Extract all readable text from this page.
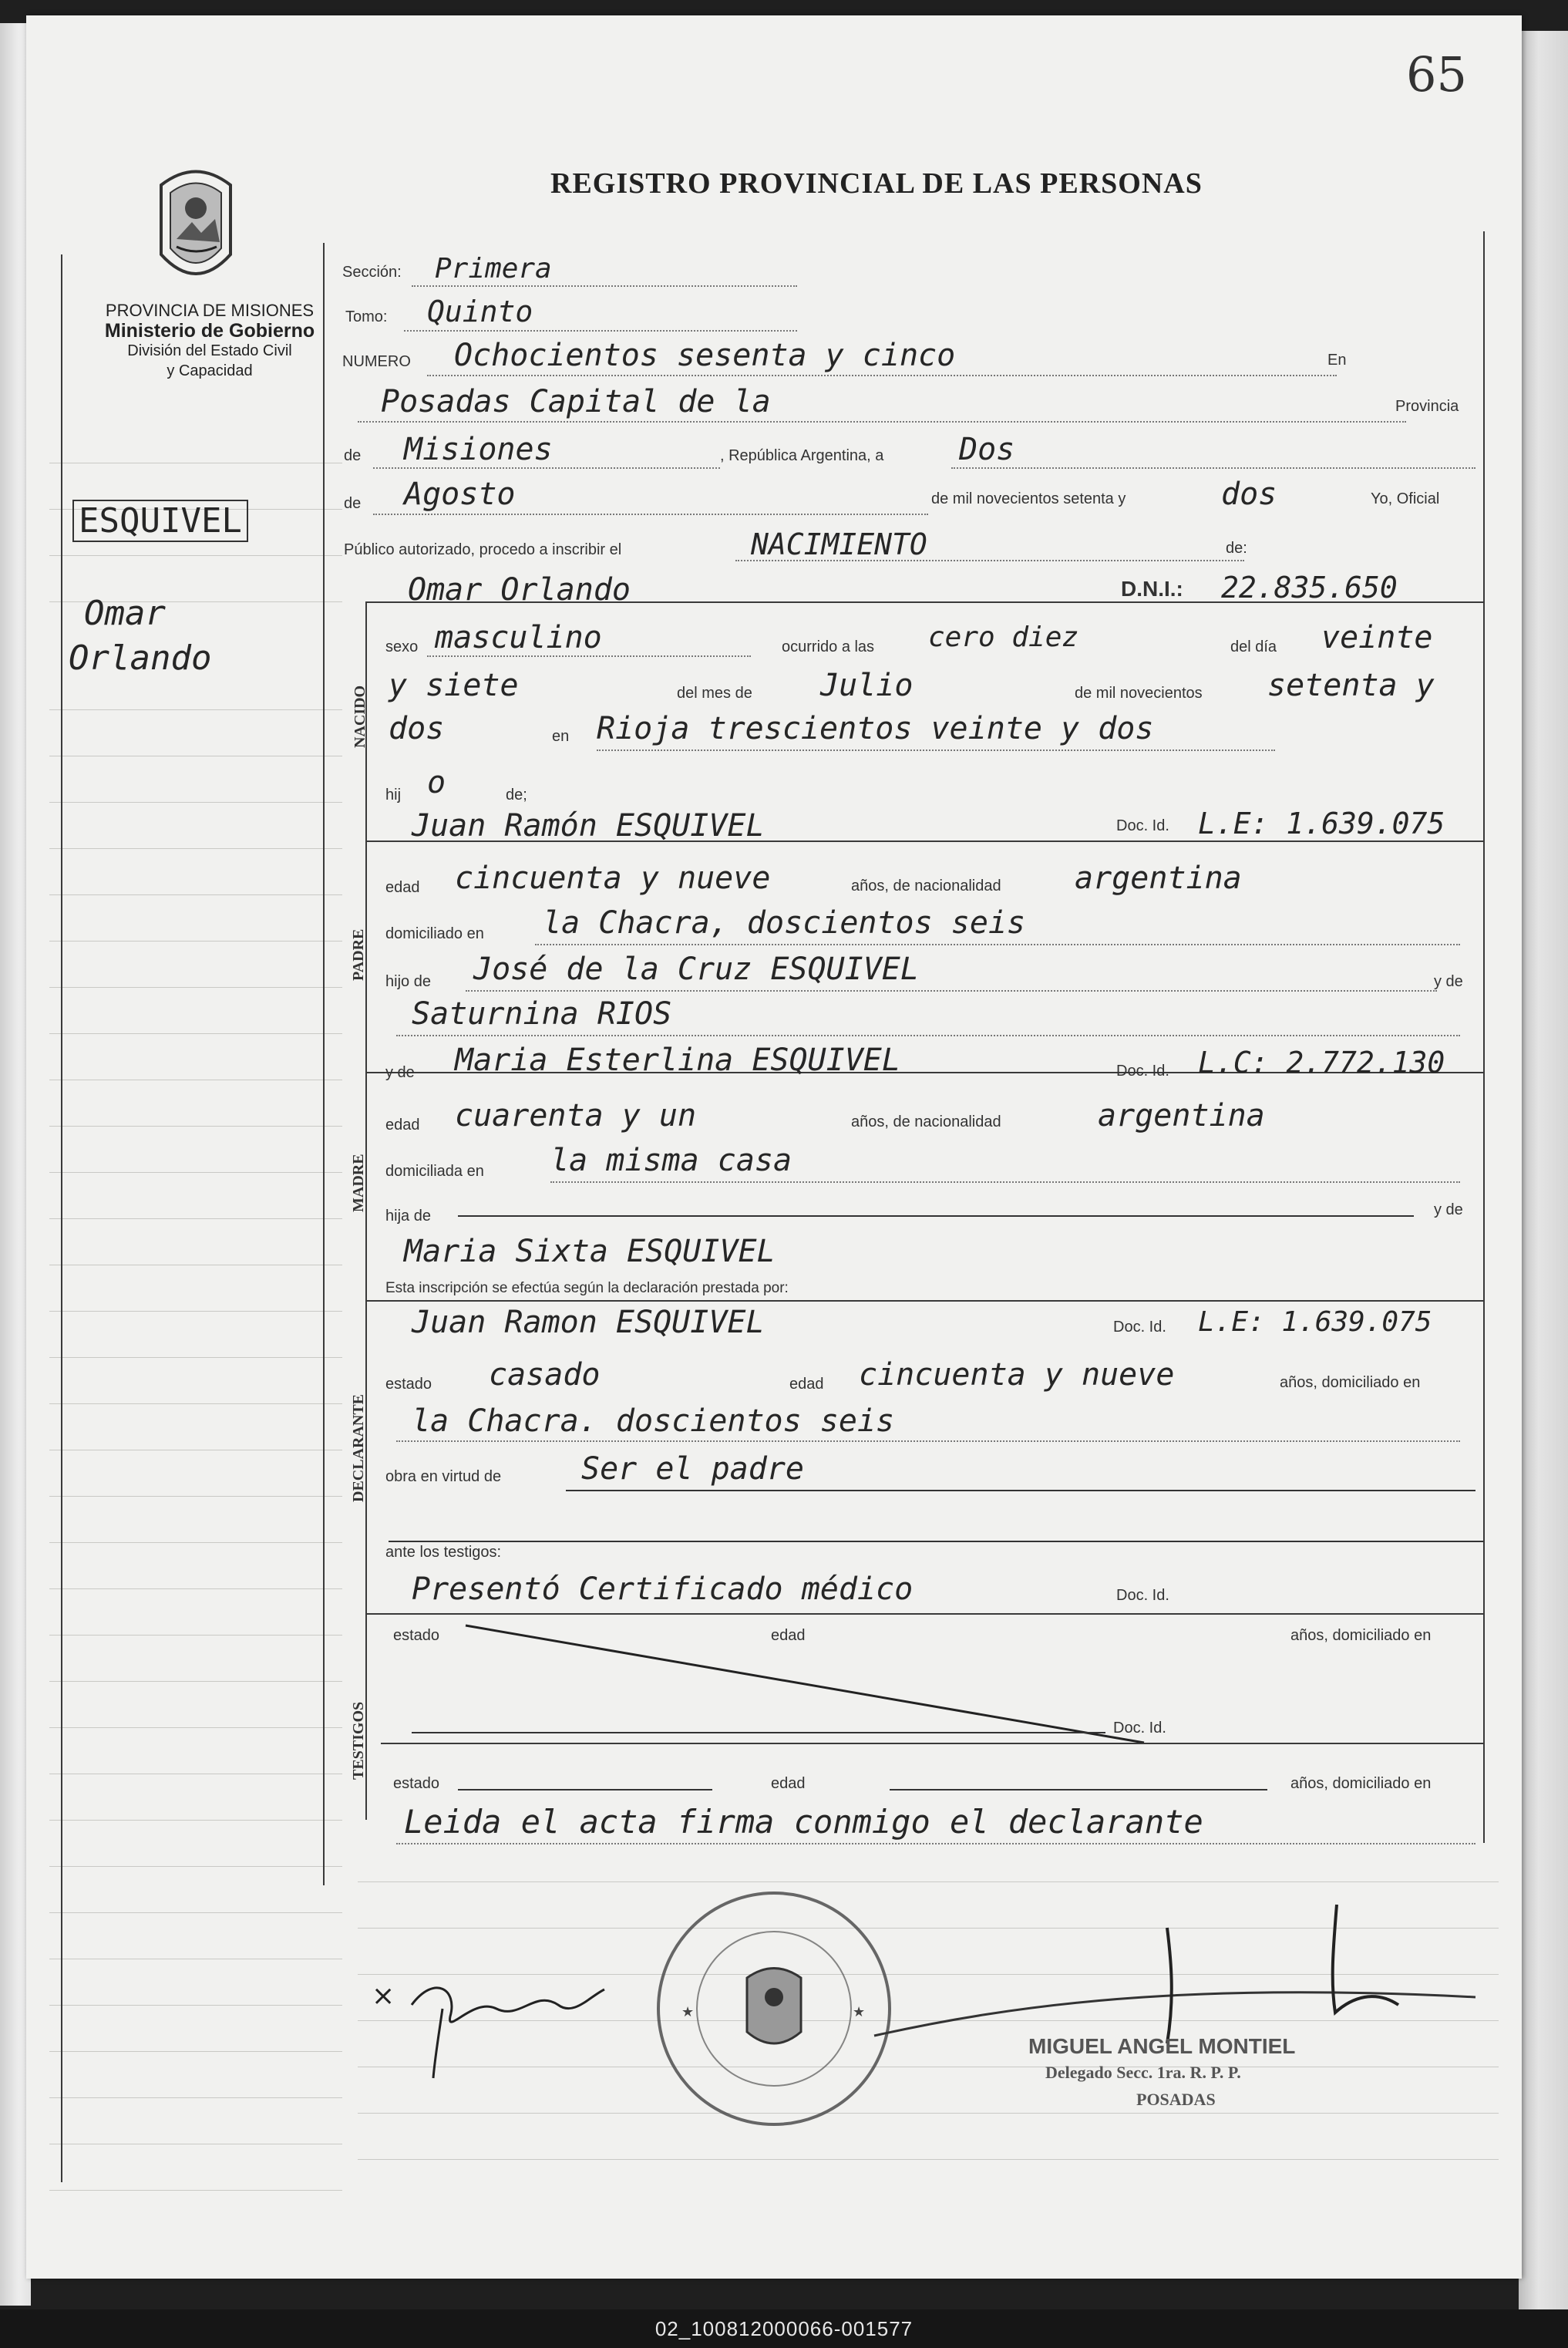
65
REGISTRO PROVINCIAL DE LAS PERSONAS
PROVINCIA DE MISIONES
Ministerio de Gobierno
División del Estado Civil
y Capacidad
ESQUIVEL
Omar
Orlando
Sección: Primera
Tomo: Quinto
NUMERO Ochocientos sesenta y cinco	En
Posadas Capital de la	Provincia
de Misiones	, República Argentina, a Dos
de Agosto	de mil novecientos setenta y	dos	Yo, Oficial
Público autorizado, procedo a inscribir el	NACIMIENTO	de:
NACIDO
Omar Orlando	D.N.I.: 22.835.650
sexo masculino	ocurrido a las cero diez	del día veinte
y siete	del mes de Julio	de mil novecientos setenta y
dos	en Rioja trescientos veinte y dos
hij o	de;
PADRE
Juan Ramón ESQUIVEL	Doc. Id. L.E: 1.639.075
edad cincuenta y nueve	años, de nacionalidad argentina
domiciliado en la Chacra, doscientos seis
hijo de José de la Cruz ESQUIVEL	y de
Saturnina RIOS
MADRE
y de Maria Esterlina ESQUIVEL	Doc. Id. L.C: 2.772.130
edad cuarenta y un	años, de nacionalidad	argentina
domiciliada en la misma casa
hija de	y de
Maria Sixta ESQUIVEL
Esta inscripción se efectúa según la declaración prestada por:
DECLARANTE
Juan Ramon ESQUIVEL	Doc. Id. L.E: 1.639.075
estado casado	edad cincuenta y nueve	años, domiciliado en
la Chacra. doscientos seis
obra en virtud de	Ser el padre
ante los testigos:
TESTIGOS
Presentó Certificado médico	Doc. Id.
estado	edad	años, domiciliado en
Doc. Id.
estado	edad	años, domiciliado en
Leida el acta firma conmigo el declarante
×	★	★
MIGUEL ANGEL MONTIEL
Delegado Secc. 1ra. R. P. P.
POSADAS
02_100812000066-001577
